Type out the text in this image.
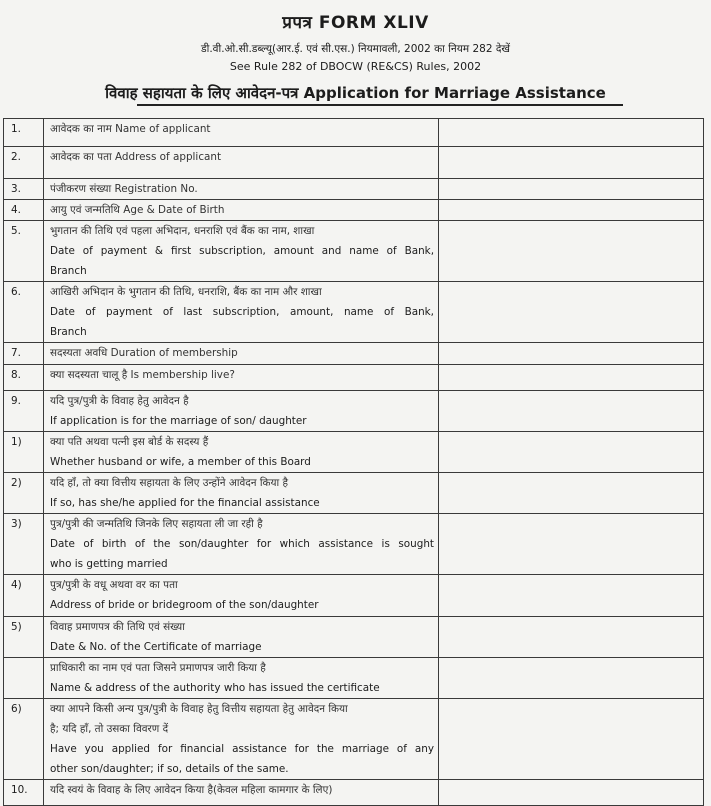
प्रपत्र FORM XLIV
डी.वी.ओ.सी.डब्ल्यू(आर.ई. एवं सी.एस.) नियमावली, 2002 का नियम 282 देखें
See Rule 282 of DBOCW (RE&CS) Rules, 2002
विवाह सहायता के लिए आवेदन-पत्र Application for Marriage Assistance
1.	आवेदक का नाम Name of applicant	

2.	आवेदक का पता Address of applicant	

3.	पंजीकरण संख्या Registration No.	

4.	आयु एवं जन्मतिथि Age & Date of Birth	

5.	भुगतान की तिथि एवं पहला अभिदान, धनराशि एवं बैंक का नाम, शाखा
Date of payment & first subscription, amount and name of Bank,
Branch	

6.	आखिरी अभिदान के भुगतान की तिथि, धनराशि, बैंक का नाम और शाखा
Date of payment of last subscription, amount, name of Bank,
Branch	

7.	सदस्यता अवधि Duration of membership	

8.	क्या सदस्यता चालू है Is membership live?	

9.	यदि पुत्र/पुत्री के विवाह हेतु आवेदन है
If application is for the marriage of son/ daughter	

1)	क्या पति अथवा पत्नी इस बोर्ड के सदस्य हैं
Whether husband or wife, a member of this Board	

2)	यदि हाँ, तो क्या वित्तीय सहायता के लिए उन्होंने आवेदन किया है
If so, has she/he applied for the financial assistance	

3)	पुत्र/पुत्री की जन्मतिथि जिनके लिए सहायता ली जा रही है
Date of birth of the son/daughter for which assistance is sought
who is getting married	

4)	पुत्र/पुत्री के वधू अथवा वर का पता
Address of bride or bridegroom of the son/daughter	

5)	विवाह प्रमाणपत्र की तिथि एवं संख्या
Date & No. of the Certificate of marriage	

	प्राधिकारी का नाम एवं पता जिसने प्रमाणपत्र जारी किया है
Name & address of the authority who has issued the certificate	

6)	क्या आपने किसी अन्य पुत्र/पुत्री के विवाह हेतु वित्तीय सहायता हेतु आवेदन किया
है; यदि हाँ, तो उसका विवरण दें
Have you applied for financial assistance for the marriage of any
other son/daughter; if so, details of the same.	

10.	यदि स्वयं के विवाह के लिए आवेदन किया है(केवल महिला कामगार के लिए)	
